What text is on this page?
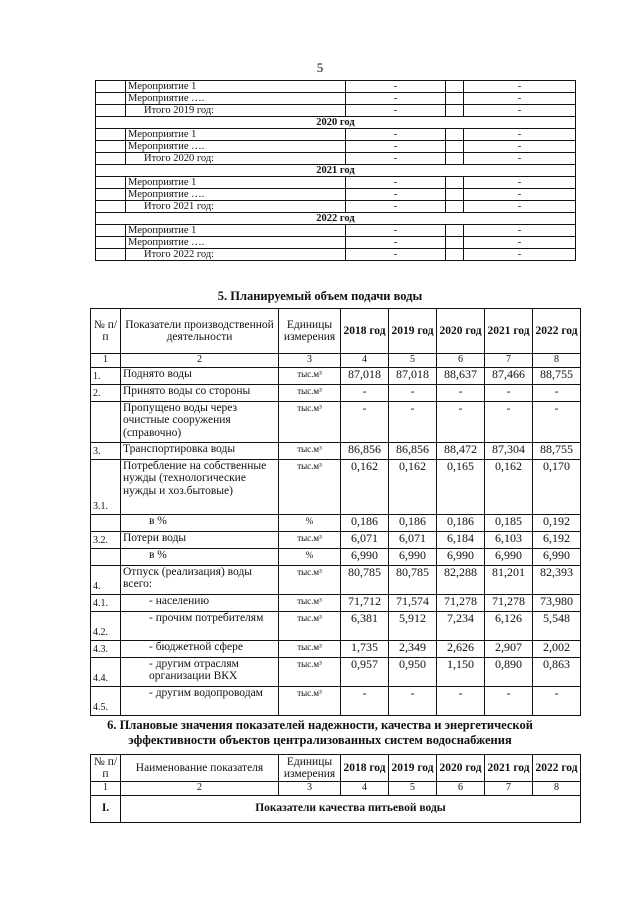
5
	Мероприятие 1	-		-
	Мероприятие ….	-		-
	Итого 2019 год:	-		-
2020 год				
	Мероприятие 1	-		-
	Мероприятие ….	-		-
	Итого 2020 год:	-		-
2021 год				
	Мероприятие 1	-		-
	Мероприятие ….	-		-
	Итого 2021 год:	-		-
2022 год				
	Мероприятие 1	-		-
	Мероприятие ….	-		-
	Итого 2022 год:	-		-
5. Планируемый объем подачи воды
№ п/п	Показатели производственной деятельности	Единицы измерения	2018 год	2019 год	2020 год	2021 год	2022 год
1	2	3	4	5	6	7	8
1.	Поднято воды	тыс.м³	87,018	87,018	88,637	87,466	88,755
2.	Принято воды со стороны	тыс.м³	-	-	-	-	-
	Пропущено воды через очистные сооружения (справочно)	тыс.м³	-	-	-	-	-
3.	Транспортировка воды	тыс.м³	86,856	86,856	88,472	87,304	88,755
3.1.	Потребление на собственные нужды (технологические нужды и хоз.бытовые)	тыс.м³	0,162	0,162	0,165	0,162	0,170
	в %	%	0,186	0,186	0,186	0,185	0,192
3.2.	Потери воды	тыс.м³	6,071	6,071	6,184	6,103	6,192
	в %	%	6,990	6,990	6,990	6,990	6,990
4.	Отпуск (реализация) воды всего:	тыс.м³	80,785	80,785	82,288	81,201	82,393
4.1.	- населению	тыс.м³	71,712	71,574	71,278	71,278	73,980
4.2.	- прочим потребителям	тыс.м³	6,381	5,912	7,234	6,126	5,548
4.3.	- бюджетной сфере	тыс.м³	1,735	2,349	2,626	2,907	2,002
4.4.	- другим отраслям организации ВКХ	тыс.м³	0,957	0,950	1,150	0,890	0,863
4.5.	- другим водопроводам	тыс.м³	-	-	-	-	-
6. Плановые значения показателей надежности, качества и энергетической
эффективности объектов централизованных систем водоснабжения
№ п/п	Наименование показателя	Единицы измерения	2018 год	2019 год	2020 год	2021 год	2022 год
1	2	3	4	5	6	7	8
I.	Показатели качества питьевой воды						
